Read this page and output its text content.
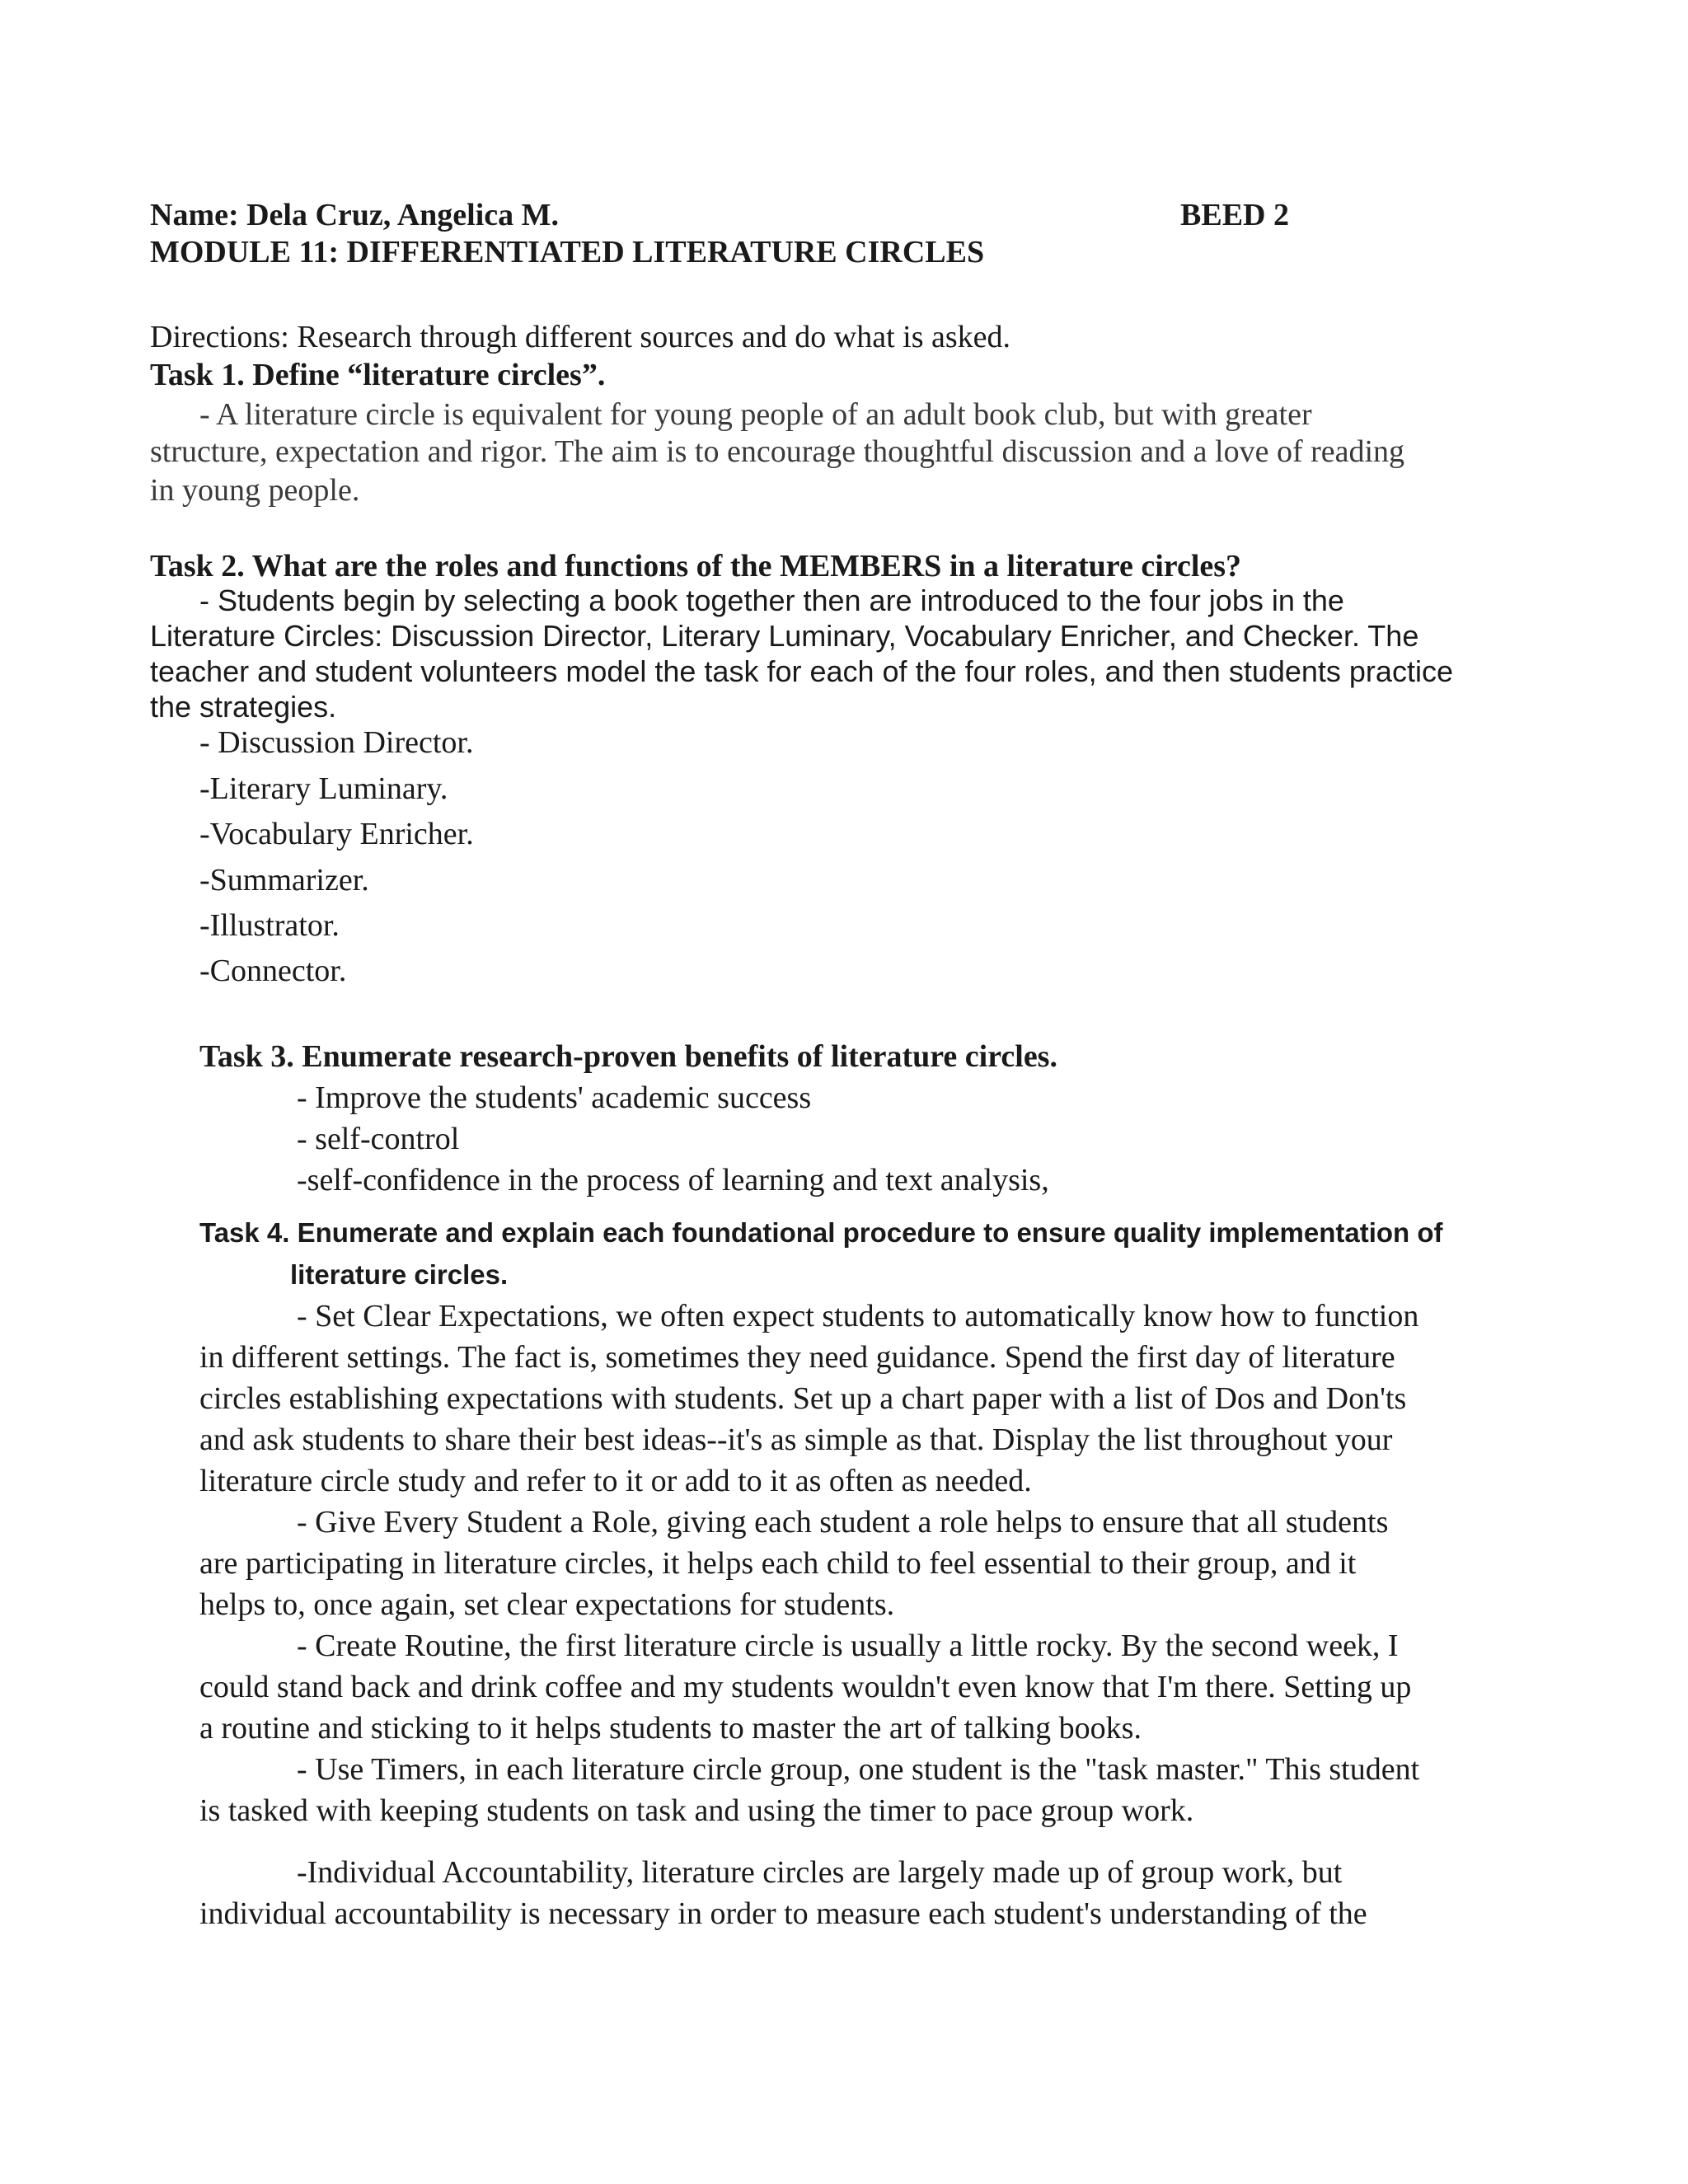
Name: Dela Cruz, Angelica M.	BEED 2
MODULE 11: DIFFERENTIATED LITERATURE CIRCLES
Directions: Research through different sources and do what is asked.
Task 1. Define “literature circles”.
- A literature circle is equivalent for young people of an adult book club, but with greater
structure, expectation and rigor. The aim is to encourage thoughtful discussion and a love of reading
in young people.
Task 2. What are the roles and functions of the MEMBERS in a literature circles?
- Students begin by selecting a book together then are introduced to the four jobs in the
Literature Circles: Discussion Director, Literary Luminary, Vocabulary Enricher, and Checker. The
teacher and student volunteers model the task for each of the four roles, and then students practice
the strategies.
- Discussion Director.
-Literary Luminary.
-Vocabulary Enricher.
-Summarizer.
-Illustrator.
-Connector.
Task 3. Enumerate research-proven benefits of literature circles.
- Improve the students' academic success
- self-control
-self-confidence in the process of learning and text analysis,
Task 4. Enumerate and explain each foundational procedure to ensure quality implementation of
literature circles.
- Set Clear Expectations, we often expect students to automatically know how to function
in different settings. The fact is, sometimes they need guidance. Spend the first day of literature
circles establishing expectations with students. Set up a chart paper with a list of Dos and Don'ts
and ask students to share their best ideas--it's as simple as that. Display the list throughout your
literature circle study and refer to it or add to it as often as needed.
- Give Every Student a Role, giving each student a role helps to ensure that all students
are participating in literature circles, it helps each child to feel essential to their group, and it
helps to, once again, set clear expectations for students.
- Create Routine, the first literature circle is usually a little rocky. By the second week, I
could stand back and drink coffee and my students wouldn't even know that I'm there. Setting up
a routine and sticking to it helps students to master the art of talking books.
- Use Timers, in each literature circle group, one student is the "task master." This student
is tasked with keeping students on task and using the timer to pace group work.
-Individual Accountability, literature circles are largely made up of group work, but
individual accountability is necessary in order to measure each student's understanding of the
